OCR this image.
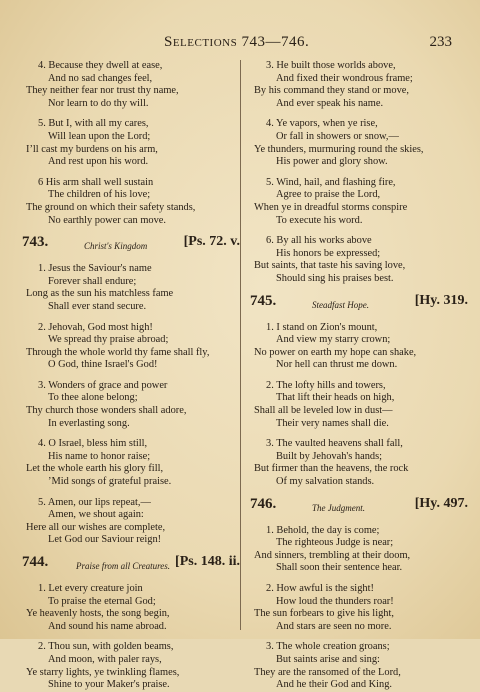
Selections 743—746.	233
4. Because they dwell at ease,
And no sad changes feel,
They neither fear nor trust thy name,
Nor learn to do thy will.
5. But I, with all my cares,
Will lean upon the Lord;
I’ll cast my burdens on his arm,
And rest upon his word.
6 His arm shall well sustain
The children of his love;
The ground on which their safety stands,
No earthly power can move.
743.	Christ's Kingdom	[Ps. 72. v.
1. Jesus the Saviour's name
Forever shall endure;
Long as the sun his matchless fame
Shall ever stand secure.
2. Jehovah, God most high!
We spread thy praise abroad;
Through the whole world thy fame shall fly,
O God, thine Israel's God!
3. Wonders of grace and power
To thee alone belong;
Thy church those wonders shall adore,
In everlasting song.
4. O Israel, bless him still,
His name to honor raise;
Let the whole earth his glory fill,
’Mid songs of grateful praise.
5. Amen, our lips repeat,—
Amen, we shout again:
Here all our wishes are complete,
Let God our Saviour reign!
744.	Praise from all Creatures. [Ps. 148. ii.
1. Let every creature join
To praise the eternal God;
Ye heavenly hosts, the song begin,
And sound his name abroad.
2. Thou sun, with golden beams,
And moon, with paler rays,
Ye starry lights, ye twinkling flames,
Shine to your Maker's praise.
3. He built those worlds above,
And fixed their wondrous frame;
By his command they stand or move,
And ever speak his name.
4. Ye vapors, when ye rise,
Or fall in showers or snow,—
Ye thunders, murmuring round the skies,
His power and glory show.
5. Wind, hail, and flashing fire,
Agree to praise the Lord,
When ye in dreadful storms conspire
To execute his word.
6. By all his works above
His honors be expressed;
But saints, that taste his saving love,
Should sing his praises best.
745.	Steadfast Hope.	[Hy. 319.
1. I stand on Zion's mount,
And view my starry crown;
No power on earth my hope can shake,
Nor hell can thrust me down.
2. The lofty hills and towers,
That lift their heads on high,
Shall all be leveled low in dust—
Their very names shall die.
3. The vaulted heavens shall fall,
Built by Jehovah's hands;
But firmer than the heavens, the rock
Of my salvation stands.
746.	The Judgment.	[Hy. 497.
1. Behold, the day is come;
The righteous Judge is near;
And sinners, trembling at their doom,
Shall soon their sentence hear.
2. How awful is the sight!
How loud the thunders roar!
The sun forbears to give his light,
And stars are seen no more.
3. The whole creation groans;
But saints arise and sing:
They are the ransomed of the Lord,
And he their God and King.
